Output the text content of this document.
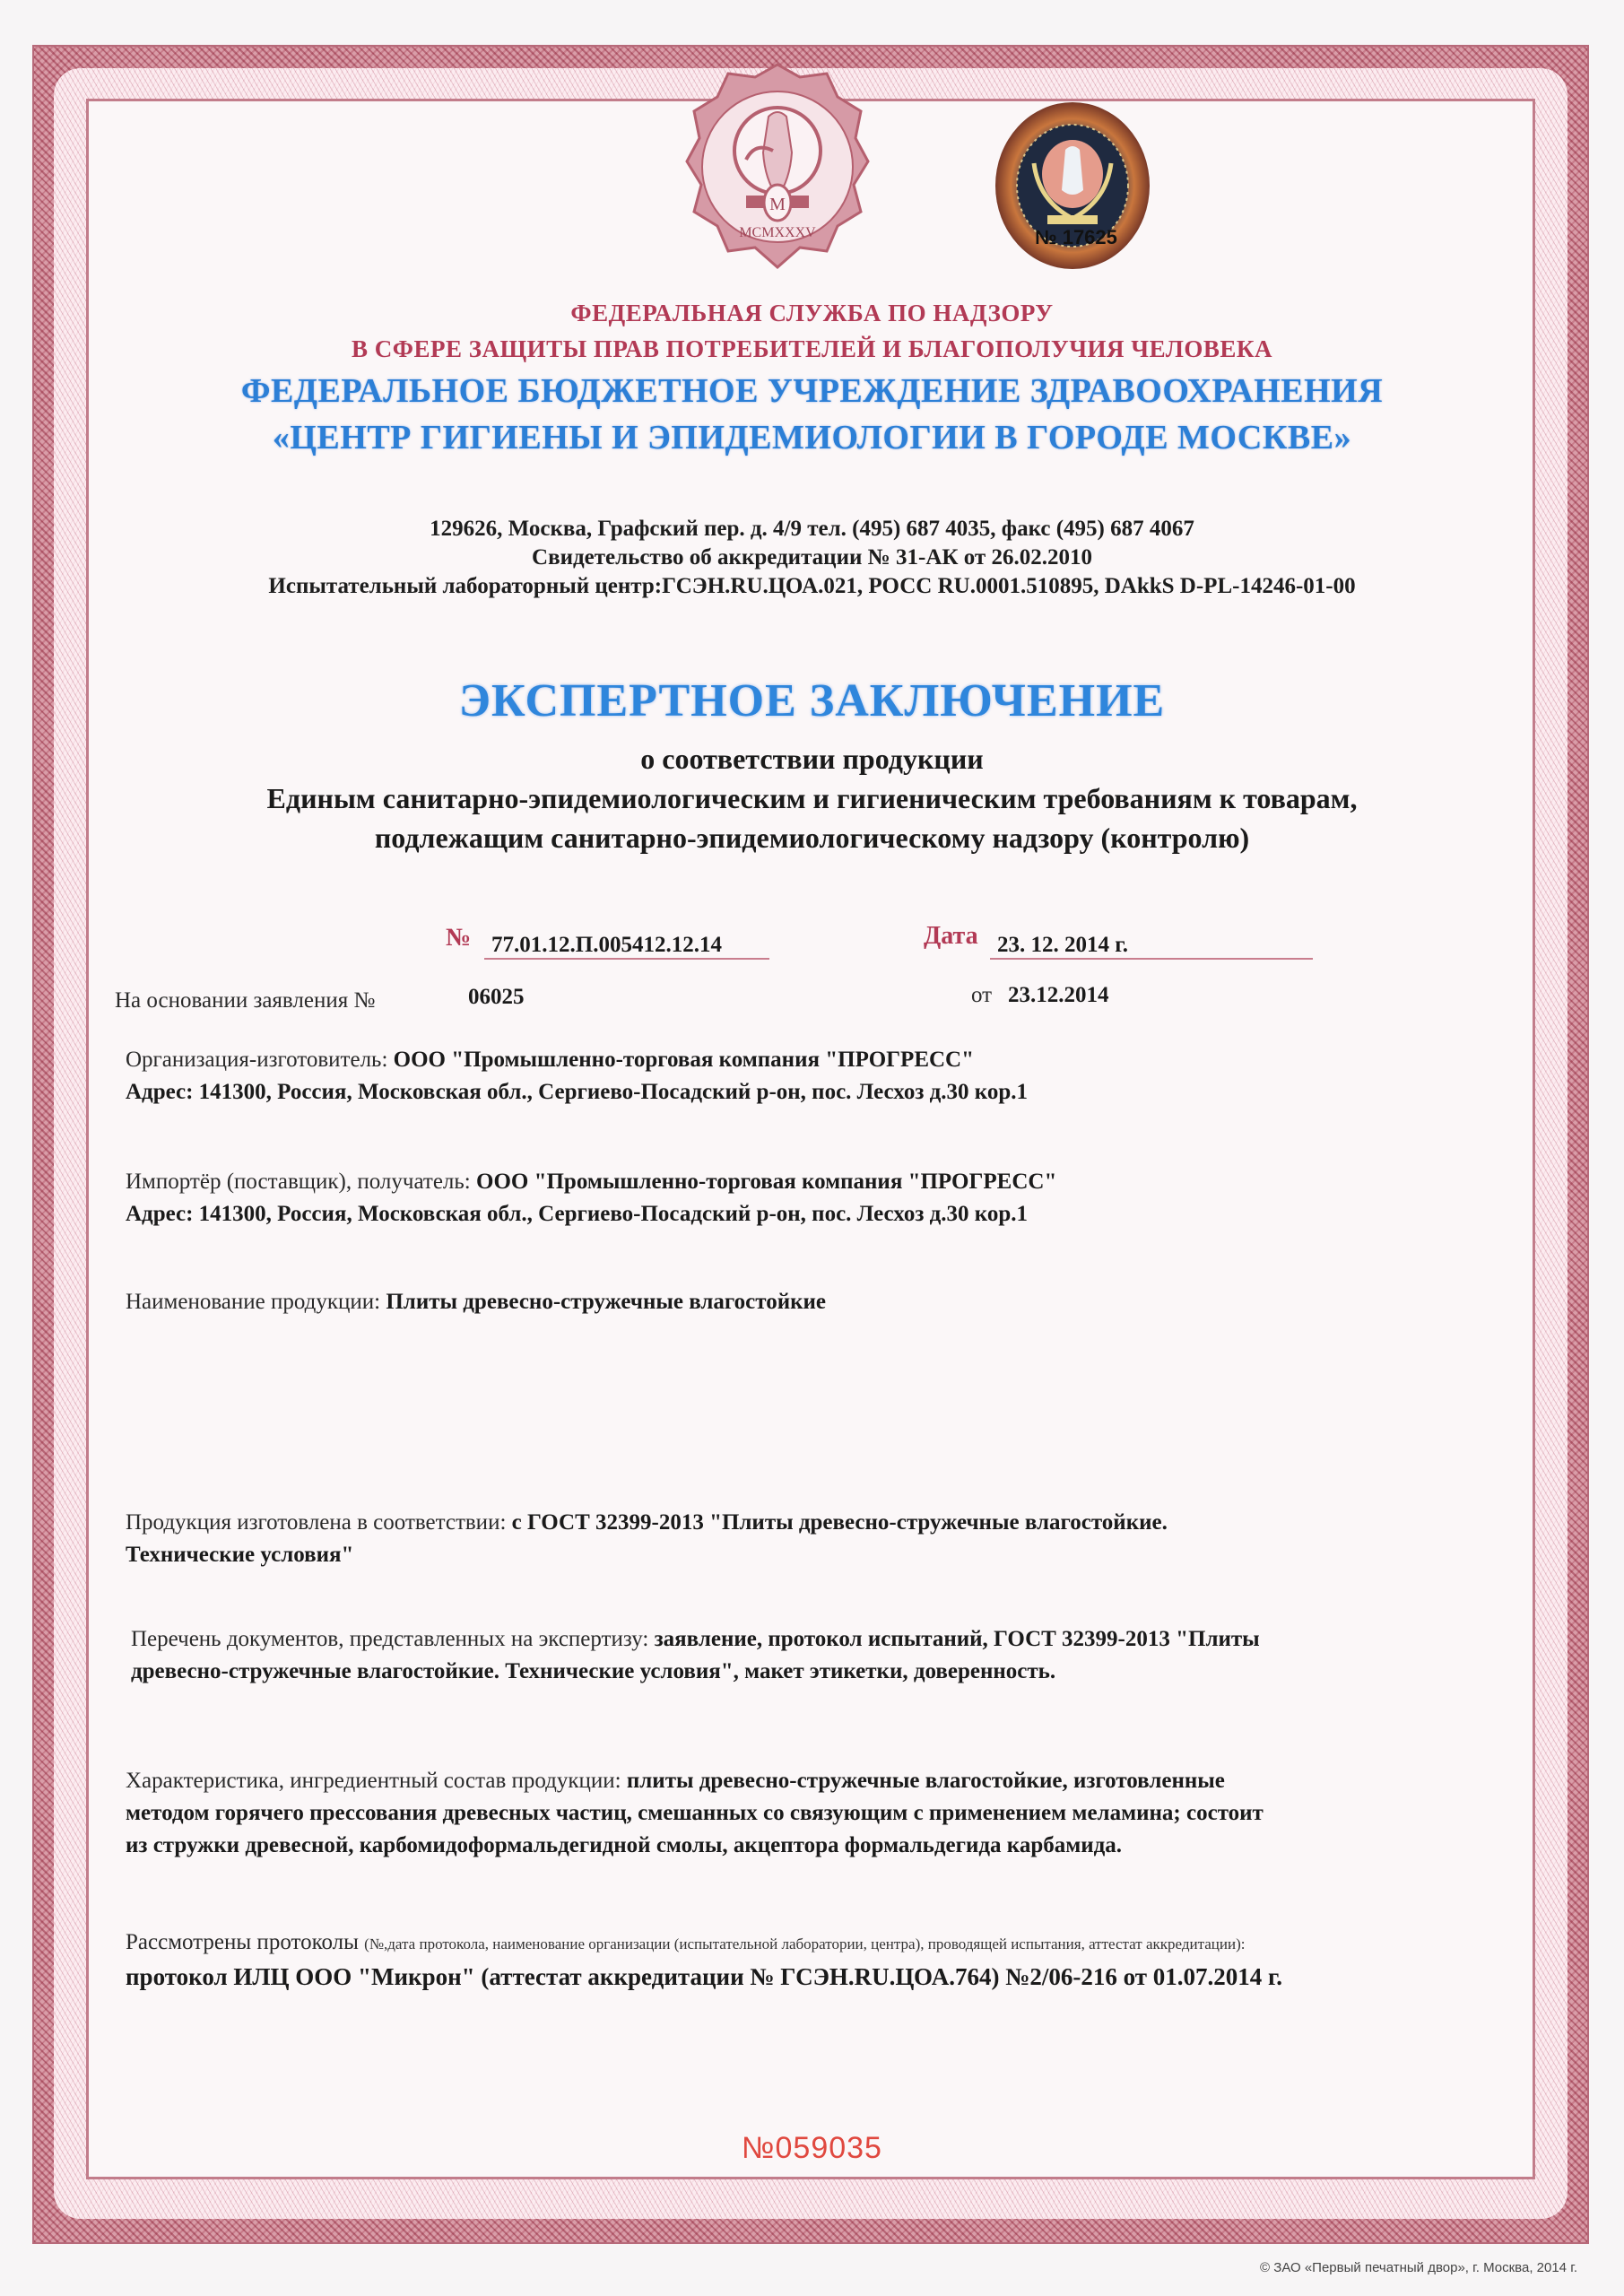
M
MCMXXXV	№ 17625
ФЕДЕРАЛЬНАЯ СЛУЖБА ПО НАДЗОРУ
В СФЕРЕ ЗАЩИТЫ ПРАВ ПОТРЕБИТЕЛЕЙ И БЛАГОПОЛУЧИЯ ЧЕЛОВЕКА
ФЕДЕРАЛЬНОЕ БЮДЖЕТНОЕ УЧРЕЖДЕНИЕ ЗДРАВООХРАНЕНИЯ
«ЦЕНТР ГИГИЕНЫ И ЭПИДЕМИОЛОГИИ В ГОРОДЕ МОСКВЕ»
129626, Москва, Графский пер. д. 4/9 тел. (495) 687 4035, факс (495) 687 4067
Свидетельство об аккредитации № 31-АК от 26.02.2010
Испытательный лабораторный центр:ГСЭН.RU.ЦОА.021, РОСС RU.0001.510895, DAkkS D-PL-14246-01-00
ЭКСПЕРТНОЕ ЗАКЛЮЧЕНИЕ
о соответствии продукции
Единым санитарно-эпидемиологическим и гигиеническим требованиям к товарам,
подлежащим санитарно-эпидемиологическому надзору (контролю)
№ 77.01.12.П.005412.12.14	Дата 23. 12. 2014 г.
На основании заявления №	06025	от 23.12.2014
Организация-изготовитель: ООО "Промышленно-торговая компания "ПРОГРЕСС"
Адрес: 141300, Россия, Московская обл., Сергиево-Посадский р-он, пос. Лесхоз д.30 кор.1
Импортёр (поставщик), получатель: ООО "Промышленно-торговая компания "ПРОГРЕСС"
Адрес: 141300, Россия, Московская обл., Сергиево-Посадский р-он, пос. Лесхоз д.30 кор.1
Наименование продукции: Плиты древесно-стружечные влагостойкие
Продукция изготовлена в соответствии: с ГОСТ 32399-2013 "Плиты древесно-стружечные влагостойкие.
Технические условия"
Перечень документов, представленных на экспертизу: заявление, протокол испытаний, ГОСТ 32399-2013 "Плиты
древесно-стружечные влагостойкие. Технические условия", макет этикетки, доверенность.
Характеристика, ингредиентный состав продукции: плиты древесно-стружечные влагостойкие, изготовленные
методом горячего прессования древесных частиц, смешанных со связующим с применением меламина; состоит
из стружки древесной, карбомидоформальдегидной смолы, акцептора формальдегида карбамида.
Рассмотрены протоколы (№,дата протокола, наименование организации (испытательной лаборатории, центра), проводящей испытания, аттестат аккредитации):
протокол ИЛЦ ООО "Микрон" (аттестат аккредитации № ГСЭН.RU.ЦОА.764) №2/06-216 от 01.07.2014 г.
№059035
© ЗАО «Первый печатный двор», г. Москва, 2014 г.
